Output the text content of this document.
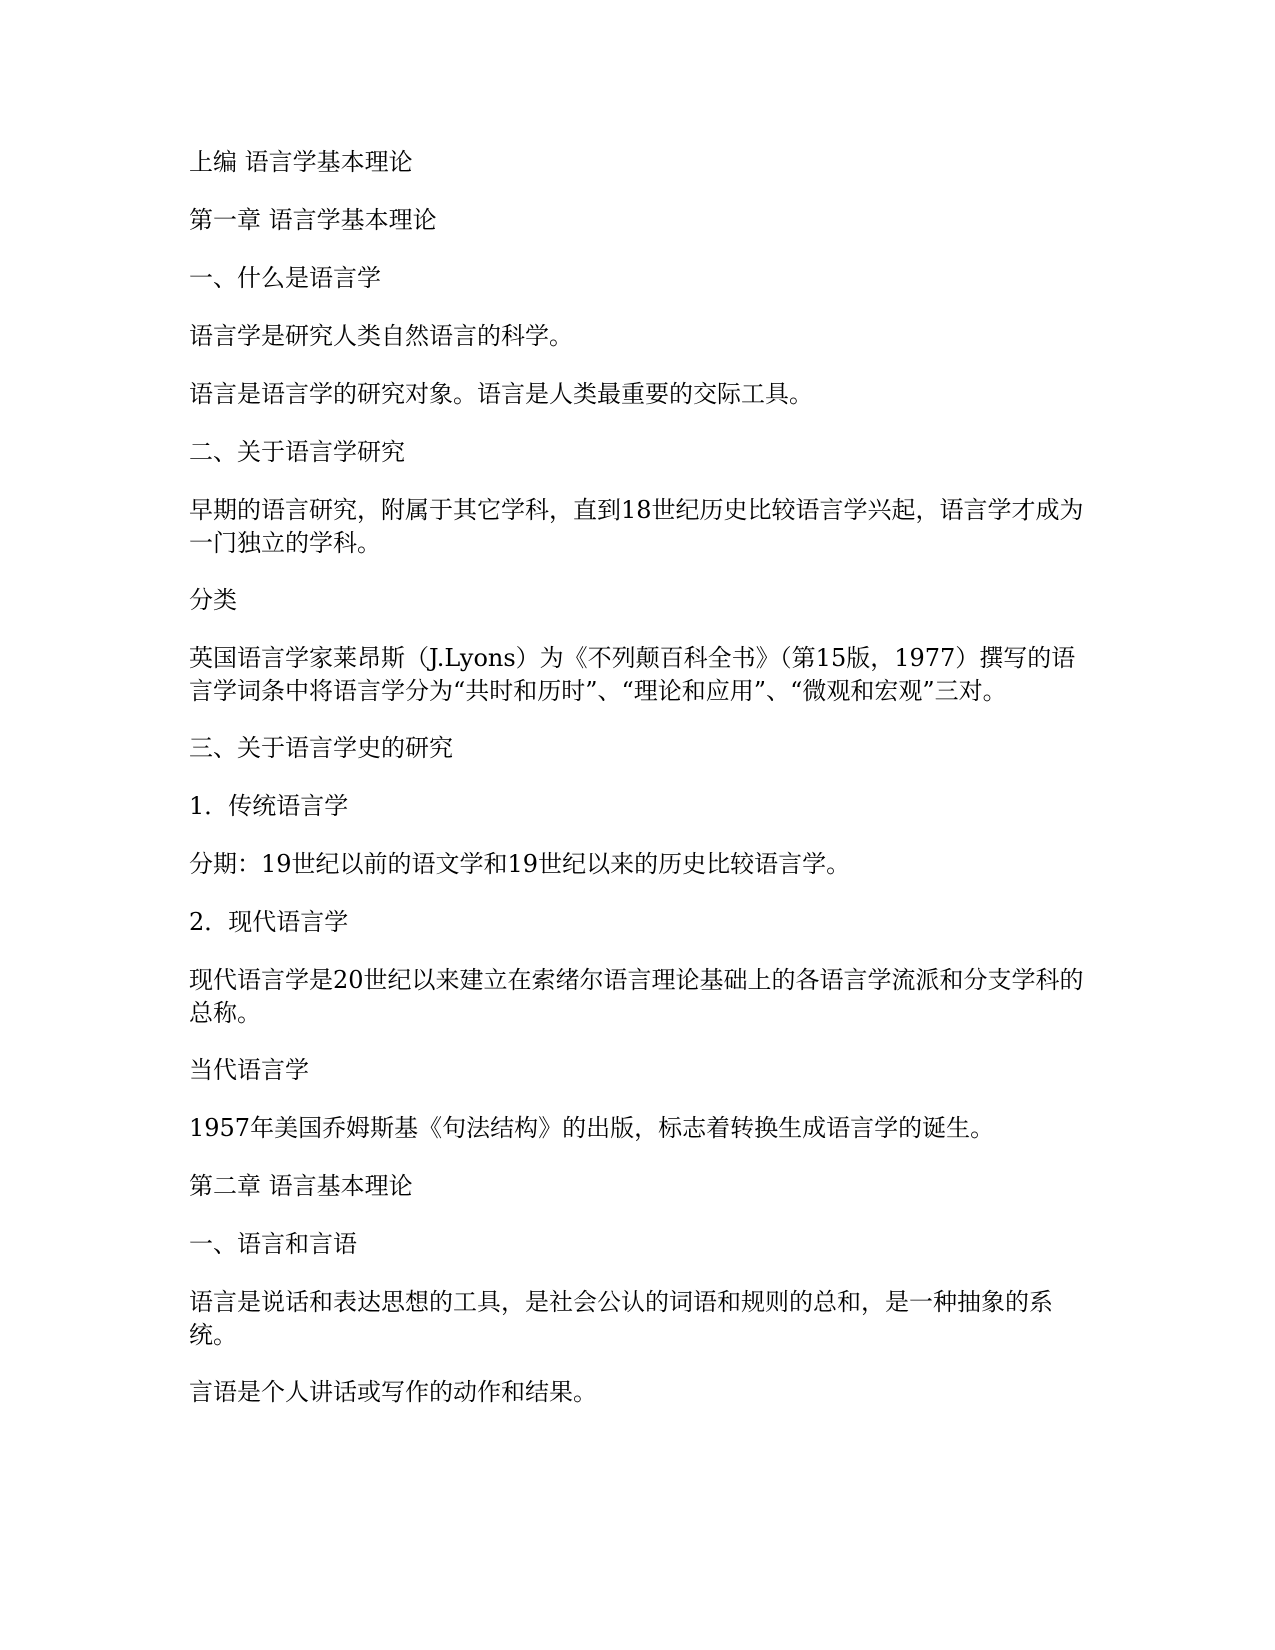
上编 语言学基本理论

第一章 语言学基本理论

一、什么是语言学

语言学是研究人类自然语言的科学。

语言是语言学的研究对象。语言是人类最重要的交际工具。

二、关于语言学研究

早期的语言研究，附属于其它学科，直到18世纪历史比较语言学兴起，语言学才成为一门独立的学科。

分类

英国语言学家莱昂斯（J.Lyons）为《不列颠百科全书》（第15版，1977）撰写的语言学词条中将语言学分为“共时和历时”、“理论和应用”、“微观和宏观”三对。

三、关于语言学史的研究

1．传统语言学

分期：19世纪以前的语文学和19世纪以来的历史比较语言学。

2．现代语言学

现代语言学是20世纪以来建立在索绪尔语言理论基础上的各语言学流派和分支学科的总称。

当代语言学

1957年美国乔姆斯基《句法结构》的出版，标志着转换生成语言学的诞生。

第二章 语言基本理论

一、语言和言语

语言是说话和表达思想的工具，是社会公认的词语和规则的总和，是一种抽象的系统。

言语是个人讲话或写作的动作和结果。
